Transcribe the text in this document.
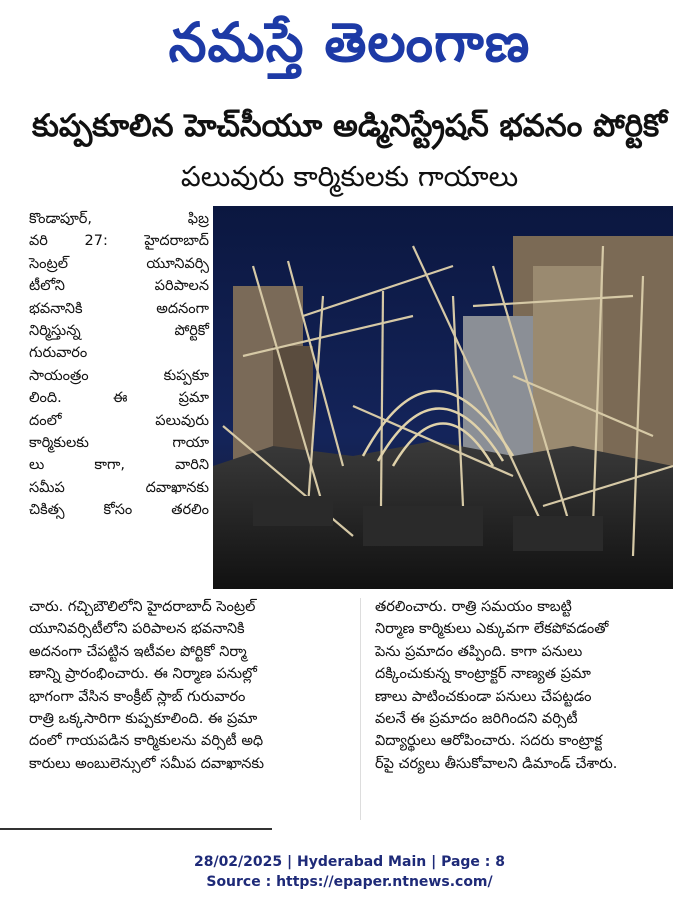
నమస్తే తెలంగాణ
కుప్పకూలిన హెచ్‌సీయూ అడ్మినిస్ట్రేషన్ భవనం పోర్టికో
పలువురు కార్మికులకు గాయాలు
కొండాపూర్, ఫిబ్ర
వరి 27: హైదరాబాద్
సెంట్రల్ యూనివర్సి
టీలోని పరిపాలన
భవనానికి అదనంగా
నిర్మిస్తున్న పోర్టికో
గురువారం
సాయంత్రం కుప్పకూ
లింది. ఈ ప్రమా
దంలో పలువురు
కార్మికులకు గాయా
లు కాగా, వారిని
సమీప దవాఖానకు
చికిత్స కోసం తరలిం
చారు. గచ్చిబౌలిలోని హైదరాబాద్ సెంట్రల్
యూనివర్సిటీలోని పరిపాలన భవనానికి
అదనంగా చేపట్టిన ఇటీవల పోర్టికో నిర్మా
ణాన్ని ప్రారంభించారు. ఈ నిర్మాణ పనుల్లో
భాగంగా వేసిన కాంక్రీట్ స్లాబ్ గురువారం
రాత్రి ఒక్కసారిగా కుప్పకూలింది. ఈ ప్రమా
దంలో గాయపడిన కార్మికులను వర్సిటీ అధి
కారులు అంబులెన్సులో సమీప దవాఖానకు
తరలించారు. రాత్రి సమయం కాబట్టి
నిర్మాణ కార్మికులు ఎక్కువగా లేకపోవడంతో
పెను ప్రమాదం తప్పింది. కాగా పనులు
దక్కించుకున్న కాంట్రాక్టర్ నాణ్యత ప్రమా
ణాలు పాటించకుండా పనులు చేపట్టడం
వలనే ఈ ప్రమాదం జరిగిందని వర్సిటీ
విద్యార్థులు ఆరోపించారు. సదరు కాంట్రాక్ట
ర్‌పై చర్యలు తీసుకోవాలని డిమాండ్ చేశారు.
28/02/2025 | Hyderabad Main | Page : 8
Source : https://epaper.ntnews.com/
